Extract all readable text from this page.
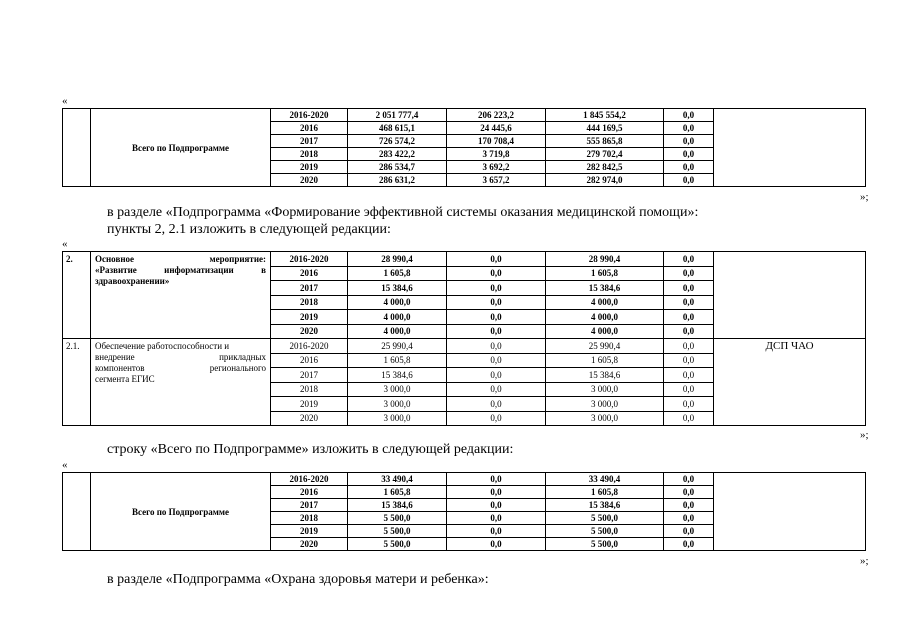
«
	Всего по Подпрограмме	2016-2020	2 051 777,4	206 223,2	1 845 554,2	0,0	
		2016	468 615,1	24 445,6	444 169,5	0,0	
		2017	726 574,2	170 708,4	555 865,8	0,0	
		2018	283 422,2	3 719,8	279 702,4	0,0	
		2019	286 534,7	3 692,2	282 842,5	0,0	
		2020	286 631,2	3 657,2	282 974,0	0,0	
»;
в разделе «Подпрограмма «Формирование эффективной системы оказания медицинской помощи»:
пункты 2, 2.1 изложить в следующей редакции:
«
2.	Основное мероприятие:
«Развитие информатизации в
здравоохранении»	2016-2020	28 990,4	0,0	28 990,4	0,0	
		2016	1 605,8	0,0	1 605,8	0,0	
		2017	15 384,6	0,0	15 384,6	0,0	
		2018	4 000,0	0,0	4 000,0	0,0	
		2019	4 000,0	0,0	4 000,0	0,0	
		2020	4 000,0	0,0	4 000,0	0,0	
2.1.	Обеспечение работоспособности и
внедрение прикладных
компонентов регионального
сегмента ЕГИС	2016-2020	25 990,4	0,0	25 990,4	0,0	ДСП ЧАО
		2016	1 605,8	0,0	1 605,8	0,0	
		2017	15 384,6	0,0	15 384,6	0,0	
		2018	3 000,0	0,0	3 000,0	0,0	
		2019	3 000,0	0,0	3 000,0	0,0	
		2020	3 000,0	0,0	3 000,0	0,0	
»;
строку «Всего по Подпрограмме» изложить в следующей редакции:
«
	Всего по Подпрограмме	2016-2020	33 490,4	0,0	33 490,4	0,0	
		2016	1 605,8	0,0	1 605,8	0,0	
		2017	15 384,6	0,0	15 384,6	0,0	
		2018	5 500,0	0,0	5 500,0	0,0	
		2019	5 500,0	0,0	5 500,0	0,0	
		2020	5 500,0	0,0	5 500,0	0,0	
»;
в разделе «Подпрограмма «Охрана здоровья матери и ребенка»:
